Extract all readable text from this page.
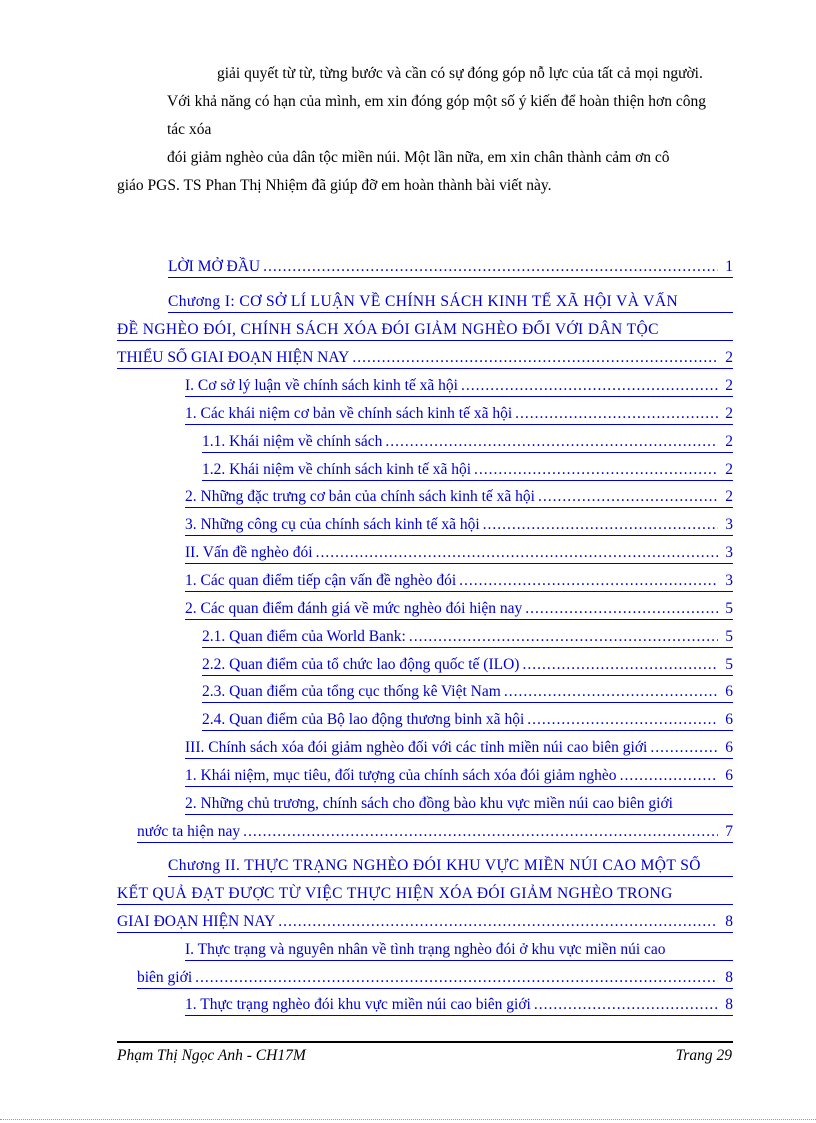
giải quyết từ từ, từng bước và cần có sự đóng góp nỗ lực của tất cả mọi người.
Với khả năng có hạn của mình, em xin đóng góp một số ý kiến để hoàn thiện hơn công
tác xóa
đói giảm nghèo của dân tộc miền núi. Một lần nữa, em xin chân thành cảm ơn cô
giáo PGS. TS Phan Thị Nhiệm đã giúp đỡ em hoàn thành bài viết này.
LỜI MỞ ĐẦU .....	1
Chương I: CƠ SỞ LÍ LUẬN VỀ CHÍNH SÁCH KINH TẾ XÃ HỘI VÀ VẤN
ĐỀ NGHÈO ĐÓI, CHÍNH SÁCH XÓA ĐÓI GIẢM NGHÈO ĐỐI VỚI DÂN TỘC
THIỂU SỐ GIAI ĐOẠN HIỆN NAY .....	2
I. Cơ sở lý luận về chính sách kinh tế xã hội .....	2
1. Các khái niệm cơ bản về chính sách kinh tế xã hội .....	2
1.1. Khái niệm về chính sách .....	2
1.2. Khái niệm về chính sách kinh tế xã hội .....	2
2. Những đặc trưng cơ bản của chính sách kinh tế xã hội .....	2
3. Những công cụ của chính sách kinh tế xã hội .....	3
II. Vấn đề nghèo đói .....	3
1. Các quan điểm tiếp cận vấn đề nghèo đói .....	3
2. Các quan điểm đánh giá về mức nghèo đói hiện nay .....	5
2.1. Quan điểm của World Bank: .....	5
2.2. Quan điểm của tổ chức lao động quốc tế (ILO) .....	5
2.3. Quan điểm của tổng cục thống kê Việt Nam .....	6
2.4. Quan điểm của Bộ lao động thương binh xã hội .....	6
III. Chính sách xóa đói giảm nghèo đối với các tỉnh miền núi cao biên giới .....	6
1. Khái niệm, mục tiêu, đối tượng của chính sách xóa đói giảm nghèo .....	6
2. Những chủ trương, chính sách cho đồng bào khu vực miền núi cao biên giới
nước ta hiện nay .....	7
Chương II. THỰC TRẠNG NGHÈO ĐÓI KHU VỰC MIỀN NÚI CAO MỘT SỐ
KẾT QUẢ ĐẠT ĐƯỢC TỪ VIỆC THỰC HIỆN XÓA ĐÓI GIẢM NGHÈO TRONG
GIAI ĐOẠN HIỆN NAY .....	8
I. Thực trạng và nguyên nhân về tình trạng nghèo đói ở khu vực miền núi cao
biên giới .....	8
1. Thực trạng nghèo đói khu vực miền núi cao biên giới .....	8
Phạm Thị Ngọc Anh - CH17M	Trang 29
